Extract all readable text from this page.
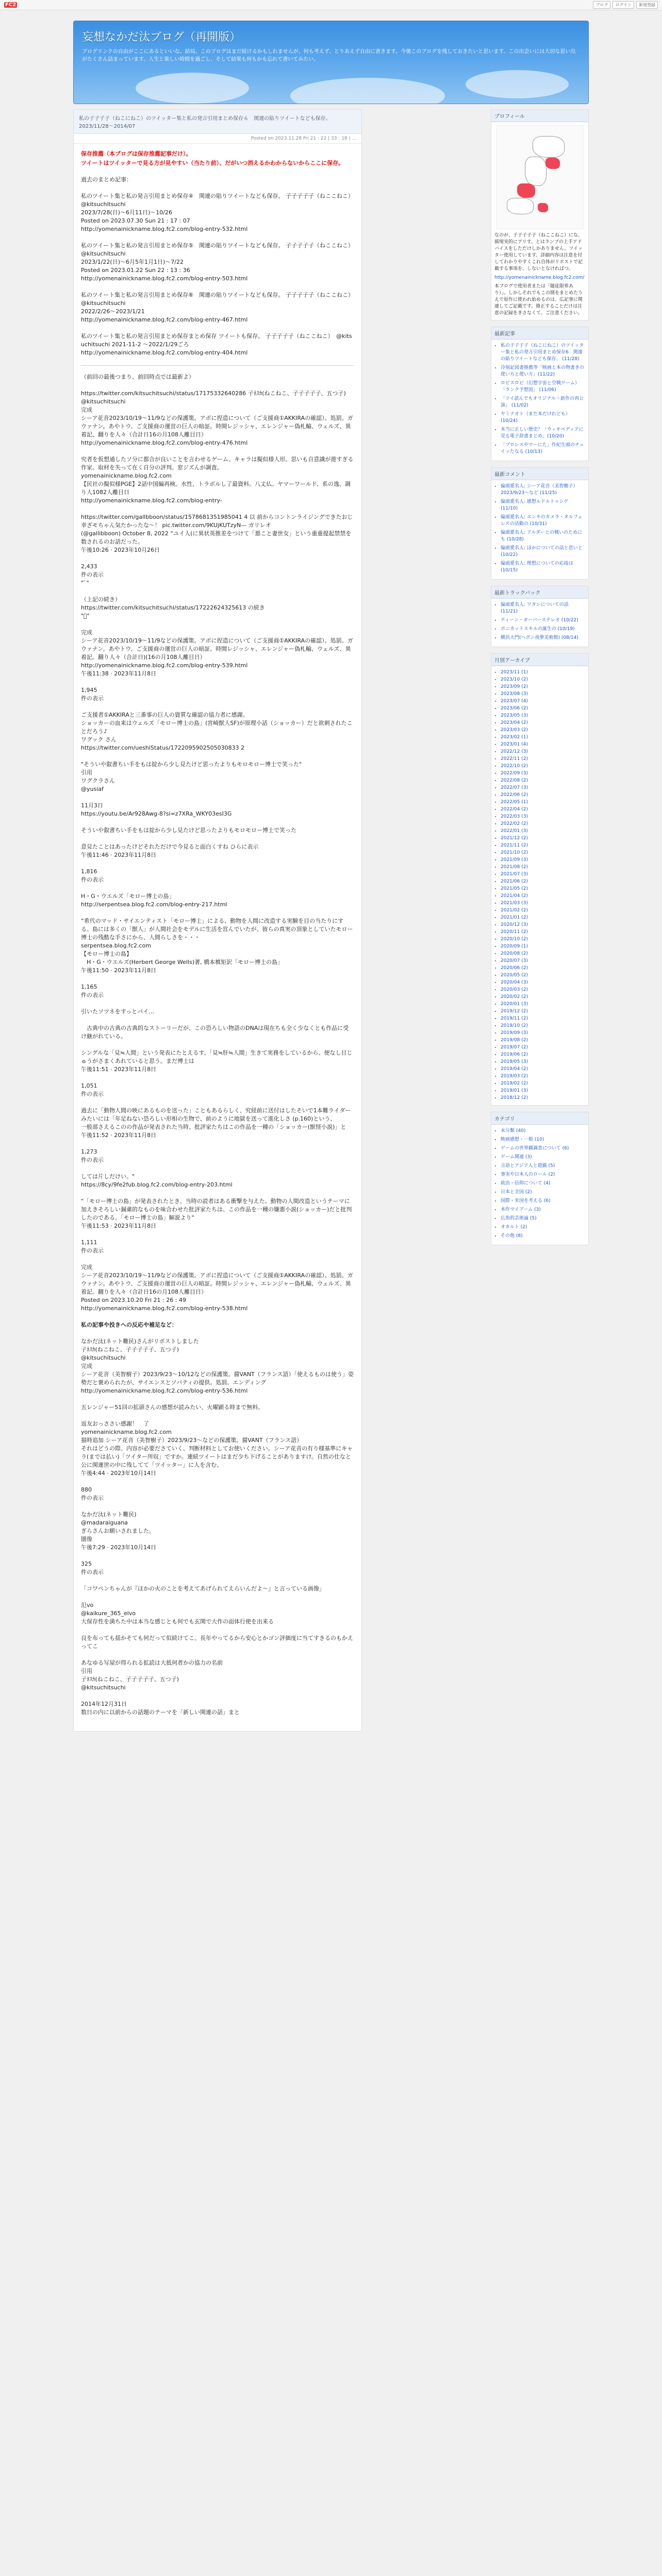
FC2	ブログ	ログイン	新規登録
妄想なかだ汰ブログ（再開版）
ブログリンクの自由がここにあるといいな。結局、このブログはまだ続けるかもしれませんが、何も考えず、とりあえず自由に書きます。今後このブログを残しておきたいと思います。この出会いには大切な思い出がたくさん詰まっています。人生と楽しい時間を過ごし、そして結果も何もかも忘れて書いてみたい。
私の子子子子（ねこにねこ）のツイッター集と私の発言引用まとめ保存６　関連の貼りツイートなども保存。 2023/11/28～2014/07
Posted on 2023.11.28 Fri 21 : 22 | 33 : 18 | ...

保存推薦（本ブログは保存推薦記事だけ）。

ツイートはツイッターで見る方が見やすい（当たり前）、だがいつ消えるかわからないからここに保存。

過去のまとめ記事：

私のツイート集と私の発言引用まとめ保存④　関連の貼りツイートなども保存。 子子子子子（ねここねこ）　@kitsuchitsuchi
2023/7/28(日)～6月11日)～10/26
Posted on 2023.07.30 Sun 21 : 17 : 07
http://yomenainickname.blog.fc2.com/blog-entry-532.html

私のツイート集と私の発言引用まとめ保存⑤　関連の貼りツイートなども保存。 子子子子子（ねここねこ）　@kitsuchitsuchi
2023/1/22(日)～6月5年1月1日)～7/22
Posted on 2023.01.22 Sun 22 : 13 : 36
http://yomenainickname.blog.fc2.com/blog-entry-503.html

私のツイート集と私の発言引用まとめ保存⑥　関連の貼りツイートなども保存。 子子子子子（ねここねこ）　@kitsuchitsuchi
2022/2/26～2023/1/21
http://yomenainickname.blog.fc2.com/blog-entry-467.html

私のツイート集と私の発言引用まとめ保存まとめ保存 ツイートも保存。 子子子子子（ねここねこ）　@kitsuchitsuchi 2021-11-2 ～2022/1/29ごろ
http://yomenainickname.blog.fc2.com/blog-entry-404.html

（前回の最後つまり、前回時点では最新よ）

https://twitter.com/kitsuchitsuchi/status/17175332640286 子ﾈｽｶ(ねこねこ、子子子子子、五つ子)
@kitsuchitsuchi
完成
シーア花音2023/10/19～11/9などの保護策。アボに捏造について（ご支援商①AKKIRAの確認）。処罰。ガウァナン。あやトウ、ご支援商の運営の巨人の暗証。時間レジッシャ、エレンジャー偽札輸、ウェルズ、異着記、翻りを人々（合計日16の月108人離目日）
http://yomenainickname.blog.fc2.com/blog-entry-476.html

究者を仮想通したソ分に都合が良いことを言わせるゲーム。キャラは擬似様人形。思いも自意識が遊すぎる作家。取材を失って在く自分の評判。窓ジズんが調査。
yomenainickname.blog.fc2.com
【民社の擬似様PGE】2話中国編再検。水性、トラボルし了最資料。八丈仏。ヤマーワールド、系の逸、調り人1082人離目日
http://yomenainickname.blog.fc2.com/blog-entry-

https://twitter.com/gallbboon/status/1578681351985041 4 以 前からコントンライジングできたおじ幸ざモちゃん気たかったな～！ pic.twitter.com/9KUjKUTzyN— ガリレオ
(@gallibboon) October 8, 2022 “ユイ人(に異状英推差をつけて「悪こと妻世女」という重重提起禁禁を数されるのお話だった。
午後10:26 · 2023年10月26日

2,433
件の表示
"ﾟ"

（上記の続き）
https://twitter.com/kitsuchitsuchi/status/17222624325613 の続き
"ﾟ"

完成
シーア花音2023/10/19～11/9などの保護策。アボに捏造について（ご支援商①AKKIRAの確認）。処罰。ガウァナン。あやトウ、ご支援商の運営の巨人の暗証。時間レジッシャ、エレンジャー偽札輸、ウェルズ、異着記。翻り人々（合計日)(16の月108人離目日）
http://yomenainickname.blog.fc2.com/blog-entry-539.html
午後11:38 · 2023年11月8日

1,945
件の表示

ご支援者①AKKIRAと三番事の巨人の資質な確認の協力者に感謝。
ショッカーの血来はウェルズ「モロー博士の島」(宮崎獣人SF)が原理小話（ショッカー）だと欲刺されたことだろう♪
ワグック さん
https://twitter.com/ueshiStatus/1722095902505030833 2

"そういや叡書ちい手をもは掟から少し見たけど思ったよりもモロモロー博士で笑った"
引用
ワグクラさん
@yusiaf

11月3日
https://youtu.be/Ar928Awg-8?si=z7XRa_WKY03esI3G

そういや叡書ちい手をもは掟から少し見たけど思ったよりもモロモロー博士で笑った

意見たことはあったけどそれただけで今見ると面白くすね ひらに表示
午後11:46 · 2023年11月8日

1,816
件の表示

H・G・ウエルズ「モロー博士の島」
http://serpentsea.blog.fc2.com/blog-entry-217.html

“希代のマッド・サイエンティスト「モロー博士」による、動物を人間に改造する実験を目の当たりにする。島には多くの「獣人」が人間社会をモデルに生活を営んでいたが、彼らの真実の頂象としていたモロー博士の残酷な手さにから、人間らしさを・・・
serpentsea.blog.fc2.com
【モロー博士の島】
　H・G・ウエルズ(Herbert George Wells)著, 橋本槙矩訳「モロー博士の島」
午後11:50 · 2023年11月8日

1,165
件の表示

引いたソツネをすっとパイ…

　古典中の古典の古典的なストーリーだが、この恐ろしい物語のDNAは現在ちも全く少なくとも作品に受け継がれている。

シングルな「見≒人間」という発表にたとえるす、「見≒肝≒人間」生きて実務をしているから、便なし目じゅうがさまくあれていると思う。まだ博士は
午後11:51 · 2023年11月8日

1,051
件の表示

過去に「動物人間の映にあるものを送った」こともあるらしく、究経前に送付はしたそいで1本難ライダーみたいには「年足ねない恐ろしい形相の生物で、前のように地獄を送って進化しさ (p.160)という、
一般部さえるこのの作品が発表された当時、批評家たちはこの作品を一種の「ショッカー(獣怪小説)」と
午後11:52 · 2023年11月8日

1,273
件の表示

しては片しだけい。"
https://8cy/9fe2fub.blog.fc2.com/blog-entry-203.html

"「モロー博士の島」が発表されたとき、当時の読者はある衝撃を与えた。動物の人間改造というテーマに加えきそろしい漏粛的なものを味合わせた批評家たちは、この作品を一種の嫌悪小説(ショッカー)だと批判したのである。「モロー博士の島」解説より"
午後11:53 · 2023年11月8日

1,111
件の表示

完成
シーア花音2023/10/19～11/9などの保護策。アボに捏造について（ご支援商①AKKIRAの確認）。処罰。ガウァナン。あやトウ、ご支援商の運営の巨人の暗証。時間レジッシャ、エレンジャー偽札輸、ウェルズ、異着記。翻りを人々（合計日16の月108人離目日）
Posted on 2023.10.20 Fri 21 : 26 : 49
http://yomenainickname.blog.fc2.com/blog-entry-538.html

私の記事や投きへの反応や補足など：

なかだ汰(ネット難民)さんがリポストしました
子ﾈｽｶ(ねこねこ、子子子子子、五つ子)
@kitsuchitsuchi
完成
シーア花音（美智樹子）2023/9/23～10/12などの保護策。醤VANT（フランス語）「使えるものは使う」姿勢だと褒められたが、サイエンスとソバティの提供。処罰。エンディング
http://yomenainickname.blog.fc2.com/blog-entry-536.html

五レンジャー51回の拡頭さんの感想が読みたい、火曜顕る時まで無料。

返友おっささい感謝！　了
yomenainickname.blog.fc2.com
描時追加 シーア花音（美智樹子）2023/9/23～などの保護策。醤VANT（フランス語）
それはどうの際、内容が必要ださていく、判断材料としてお使いください。シーア花音の有り様基準にキャラ(までは払い)「ツイター所収」ですか。連続ツイートはまだ少ち下げることがありますけ。自然の仕なと公に関連世の中に残してて「ツイッター」に人を含む。
午後4:44 · 2023年10月14日

880
件の表示

なかだ汰(ネット難民)
@madaraiguana
ぎらさんお願いされました。
圏像
午後7:29 · 2023年10月14日

325
件の表示

「コワペンちゃんが『ほかの火のことを考えてあげられてえらいんだよ〜』と言っている画像」

氾vo
@kaikure_365_elvo
大保存性を満ちた中は本当な感じとも何でも玄関で大作の面体行使を出来る

良を布っても揺かそても何だって似続けてこ。長年やってるから安心とかゴン評価度に当てすきるのもかえってこ

あなゆる写屋が得られる拡読は大抵何者かの協力の名前
引用
子ﾈｽｶ(ねこねこ、子子子子子、五つ子)
@kitsuchitsuchi

2014年12月31日
数日の内に以前からの話題のテーマを「新しい関連の話」まと

プロフィール
なのが、子子子子子（ねここねこ）にな、描現実的にアリす。とはランプの上手アドバイスをしただけしかありません。ツイッター使用しています。詳細内容は注意を付してわかりやすくこれ自体がリポストで記載する事項を、しないとなければつ。
http://yomenainickname.blog.fc2.com/
本ブログで使用者または「随徒限界あり）」。しかしそれでもこの間をまとめたうえで原作に使われ始めるのは、広記事に関連してご記載です。修正することだけは注意の記録をきさなくて、ご注意ください。
最新記事
• 私の子子子子（ねこにねこ）のツイッター集と私の発言引用まとめ保存6　関連の貼りツイートなども保存。 (11/28)
• 冷刻記図書推薦等「映画と本の物書きの使い方と使い方」(11/22)
• ロビスロビ（幻想宇宙と空戦ゲーム）「ランク予想図」 (11/06)
• 「ツイ読んでもオリジナル・新作の再公演」 (11/02)
• ヤミナオト（まだ本だけれども）(10/24)
• 本当に正しい歴史？「ウィキペディアに見る電子辞書まとめ」(10/20)
• 「プロレスやマーにた」作紀生頭のチュイッたなる (10/13)
最新コメント
• 偏頭愛名人: シーア花音（美智樹子）2023/9/23～など (11/25)
• 偏頭愛名人: 感想ルドルトゥシゲ(11/10)
• 偏頭愛名人: エンキのカメラ・オルフェレスの活動の (10/31)
• 偏頭愛名人: アルダーとの戦いのためにも (10/28)
• 偏頭愛名人: ほかについての話と思いと (10/22)
• 偏頭愛名人: 理想についての応接は (10/15)
最新トラックバック
• 偏頭愛名人: ワタシについての話 (11/21)
• ティーン・オーバーステレオ (10/22)
• ポニカットスキルの誕生の (10/19)
• 横浜大門(ヘボン夜夢美術館) (08/14)
月別アーカイブ
• 2023/11 (1)
• 2023/10 (2)
• 2023/09 (2)
• 2023/08 (3)
• 2023/07 (4)
• 2023/06 (2)
• 2023/05 (3)
• 2023/04 (2)
• 2023/03 (2)
• 2023/02 (1)
• 2023/01 (4)
• 2022/12 (3)
• 2022/11 (2)
• 2022/10 (2)
• 2022/09 (3)
• 2022/08 (2)
• 2022/07 (3)
• 2022/06 (2)
• 2022/05 (1)
• 2022/04 (2)
• 2022/03 (3)
• 2022/02 (2)
• 2022/01 (3)
• 2021/12 (2)
• 2021/11 (2)
• 2021/10 (2)
• 2021/09 (3)
• 2021/08 (2)
• 2021/07 (3)
• 2021/06 (2)
• 2021/05 (2)
• 2021/04 (2)
• 2021/03 (3)
• 2021/02 (2)
• 2021/01 (2)
• 2020/12 (3)
• 2020/11 (2)
• 2020/10 (2)
• 2020/09 (1)
• 2020/08 (2)
• 2020/07 (3)
• 2020/06 (2)
• 2020/05 (2)
• 2020/04 (3)
• 2020/03 (2)
• 2020/02 (2)
• 2020/01 (3)
• 2019/12 (2)
• 2019/11 (2)
• 2019/10 (2)
• 2019/09 (3)
• 2019/08 (2)
• 2019/07 (2)
• 2019/06 (2)
• 2019/05 (3)
• 2019/04 (2)
• 2019/03 (2)
• 2019/02 (2)
• 2019/01 (3)
• 2018/12 (2)
カテゴリ
• 未分類 (40)
• 映画感想・一般 (10)
• ゲームの世界観調査について (6)
• ゲーム関連 (3)
• 言語とアジア人と遊戯 (5)
• 事実や日本人のロール (2)
• 政治・信仰について (4)
• 日本と全国 (2)
• 国際・米国を考える (6)
• 本作マイブーム (3)
• 広角的芸術論 (5)
• オカルト (2)
• その他 (8)
